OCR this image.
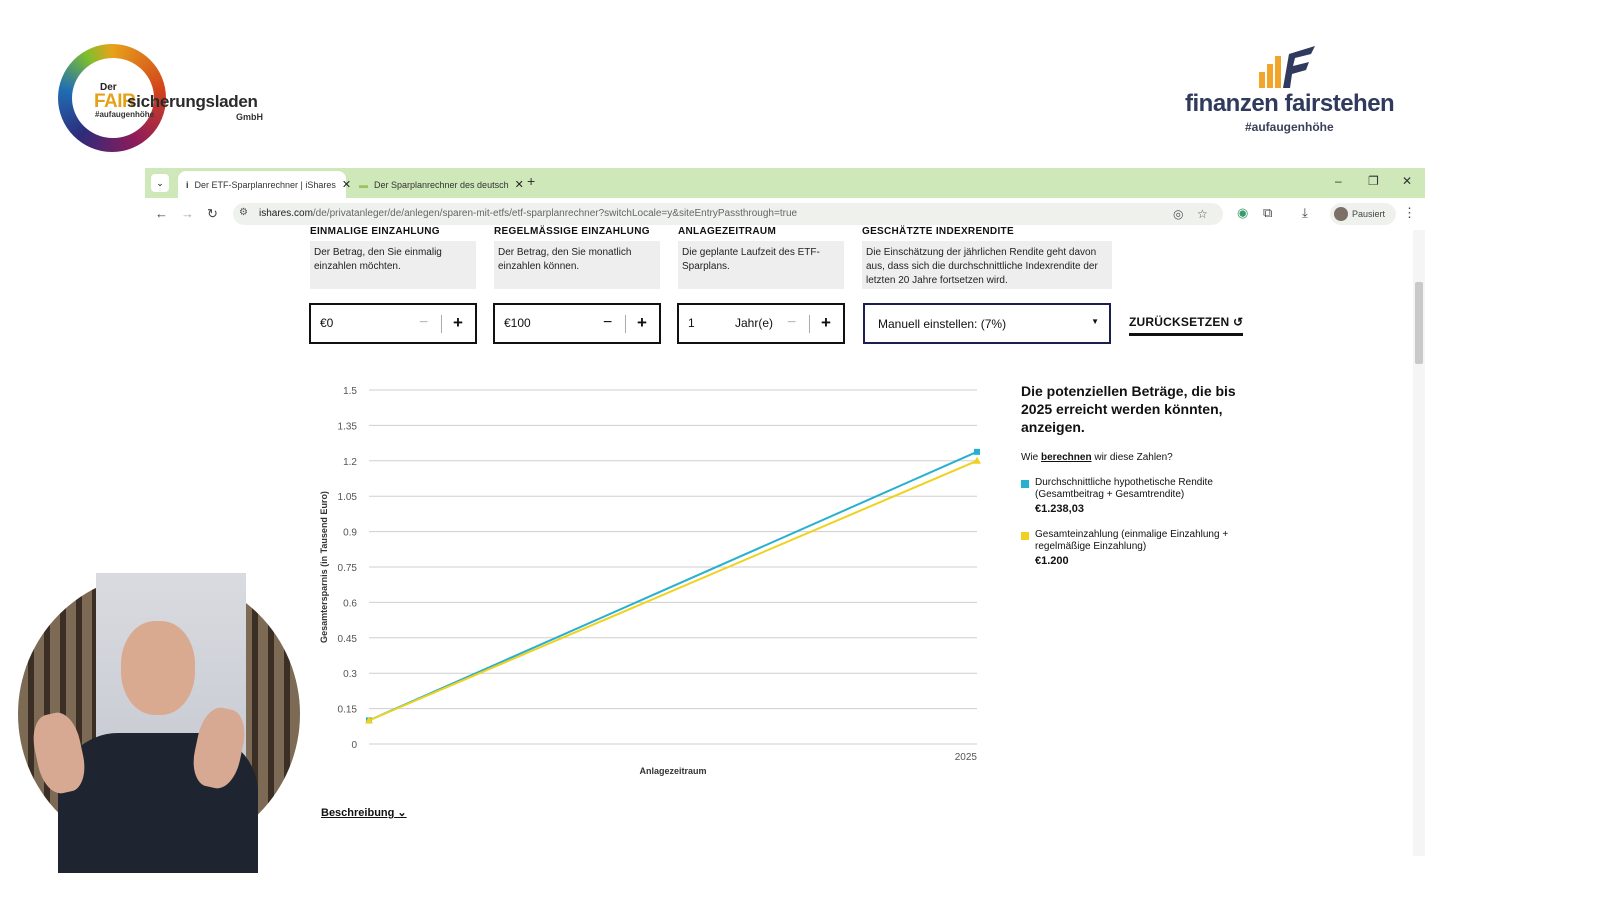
Der
FAIR
sicherungsladen
#aufaugenhöhe	GmbH	finanzen fairstehen
#aufaugenhöhe
⌄	i Der ETF-Sparplanrechner | iShares ✕ ▬ Der Sparplanrechner des deutsch ✕ +	– ❐ ✕
← → ↻ ⚙ ishares.com/de/privatanleger/de/anlegen/sparen-mit-etfs/etf-sparplanrechner?switchLocale=y&siteEntryPassthrough=true	◎ ☆ ◉ ⧉ ⤓	Pausiert ⋮
EINMALIGE EINZAHLUNG
Der Betrag, den Sie einmalig einzahlen möchten.
€0	− +
REGELMÄSSIGE EINZAHLUNG
Der Betrag, den Sie monatlich einzahlen können.
€100	− +
ANLAGEZEITRAUM
Die geplante Laufzeit des ETF-Sparplans.
1	Jahr(e) − +
GESCHÄTZTE INDEXRENDITE
Die Einschätzung der jährlichen Rendite geht davon aus, dass sich die durchschnittliche Indexrendite der letzten 20 Jahre fortsetzen wird.
Manuell einstellen: (7%)	▼	ZURÜCKSETZEN ↺
0
0.15
0.3
0.45
0.6
0.75
0.9
1.05
1.2
1.35
1.5
2025
Anlagezeitraum
Gesamtersparnis (in Tausend Euro)
Die potenziellen Beträge, die bis 2025 erreicht werden könnten, anzeigen.
Wie berechnen wir diese Zahlen?
Durchschnittliche hypothetische Rendite (Gesamtbeitrag + Gesamtrendite)
€1.238,03
Gesamteinzahlung (einmalige Einzahlung + regelmäßige Einzahlung)
€1.200
Beschreibung ⌄
